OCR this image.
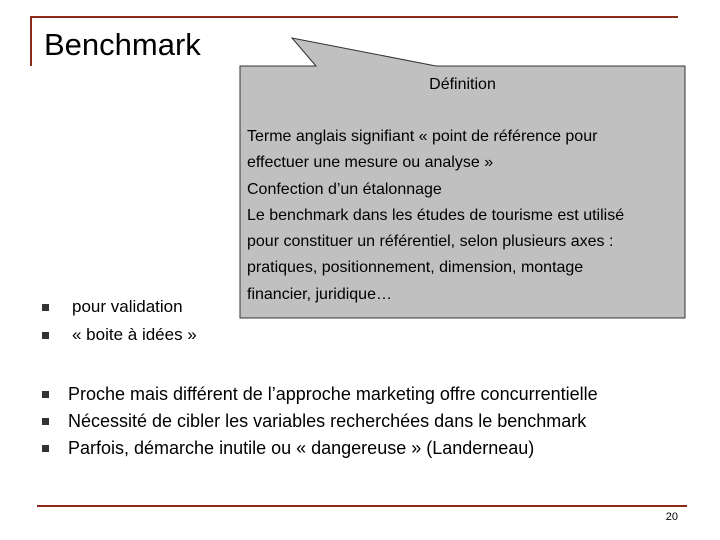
Benchmark
Définition
Terme anglais signifiant « point de référence pour
effectuer une mesure ou analyse »
Confection d’un étalonnage
Le benchmark dans les études de tourisme est utilisé
pour constituer un référentiel, selon plusieurs axes :
pratiques, positionnement, dimension, montage
financier, juridique…
pour validation
« boite à idées »
Proche mais différent de l’approche marketing offre concurrentielle
Nécessité de cibler les variables recherchées dans le benchmark
Parfois, démarche inutile ou « dangereuse » (Landerneau)
20
